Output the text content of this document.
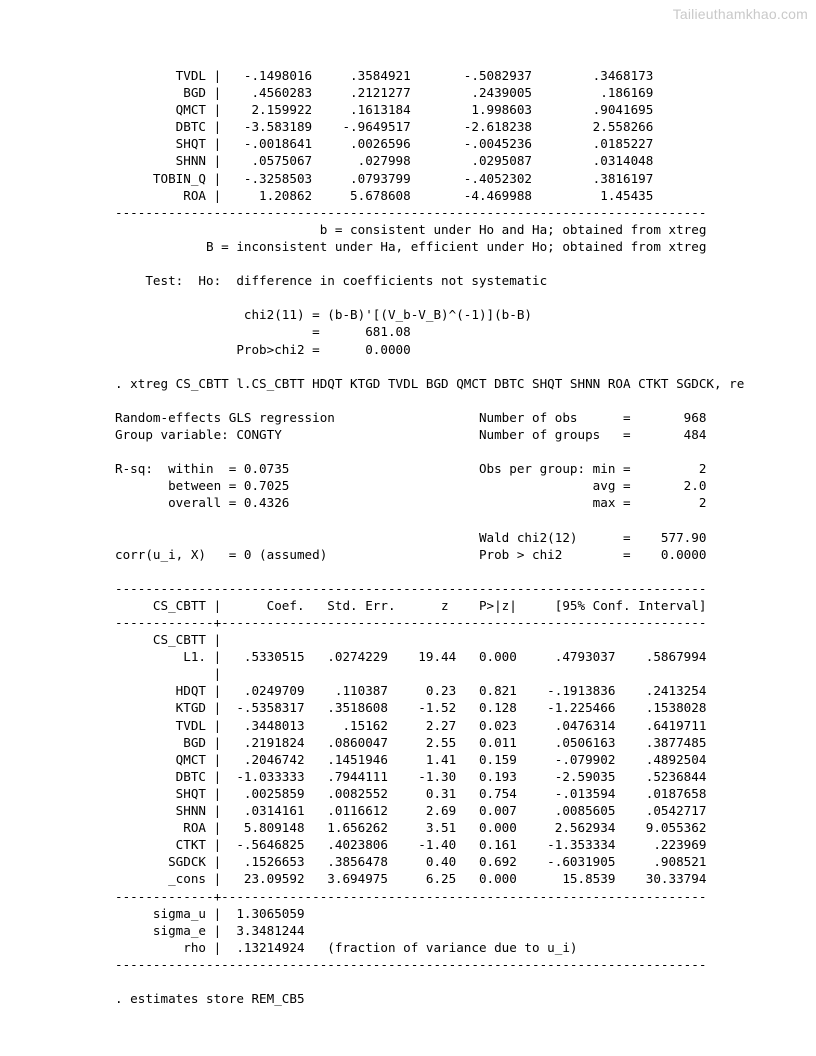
Tailieuthamkhao.com
TVDL |   -.1498016     .3584921       -.5082937        .3468173
BGD |    .4560283     .2121277        .2439005         .186169
QMCT |    2.159922     .1613184        1.998603        .9041695
DBTC |   -3.583189    -.9649517       -2.618238        2.558266
SHQT |   -.0018641     .0026596       -.0045236        .0185227
SHNN |    .0575067      .027998        .0295087        .0314048
TOBIN_Q |   -.3258503     .0793799       -.4052302        .3816197
ROA |     1.20862     5.678608       -4.469988         1.45435
------------------------------------------------------------------------------
b = consistent under Ho and Ha; obtained from xtreg
B = inconsistent under Ha, efficient under Ho; obtained from xtreg
Test:  Ho:  difference in coefficients not systematic
chi2(11) = (b-B)'[(V_b-V_B)^(-1)](b-B)
=      681.08
Prob>chi2 =      0.0000
. xtreg CS_CBTT l.CS_CBTT HDQT KTGD TVDL BGD QMCT DBTC SHQT SHNN ROA CTKT SGDCK, re
Random-effects GLS regression                   Number of obs      =       968
Group variable: CONGTY                          Number of groups   =       484
R-sq:  within  = 0.0735                         Obs per group: min =         2
between = 0.7025                                        avg =       2.0
overall = 0.4326                                        max =         2
Wald chi2(12)      =    577.90
corr(u_i, X)   = 0 (assumed)                    Prob > chi2        =    0.0000
------------------------------------------------------------------------------
CS_CBTT |      Coef.   Std. Err.      z    P>|z|     [95% Conf. Interval]
-------------+----------------------------------------------------------------
CS_CBTT |
L1. |   .5330515   .0274229    19.44   0.000     .4793037    .5867994
|
HDQT |   .0249709    .110387     0.23   0.821    -.1913836    .2413254
KTGD |  -.5358317   .3518608    -1.52   0.128    -1.225466    .1538028
TVDL |   .3448013     .15162     2.27   0.023     .0476314    .6419711
BGD |   .2191824   .0860047     2.55   0.011     .0506163    .3877485
QMCT |   .2046742   .1451946     1.41   0.159     -.079902    .4892504
DBTC |  -1.033333   .7944111    -1.30   0.193     -2.59035    .5236844
SHQT |   .0025859   .0082552     0.31   0.754     -.013594    .0187658
SHNN |   .0314161   .0116612     2.69   0.007     .0085605    .0542717
ROA |   5.809148   1.656262     3.51   0.000     2.562934    9.055362
CTKT |  -.5646825   .4023806    -1.40   0.161    -1.353334     .223969
SGDCK |   .1526653   .3856478     0.40   0.692    -.6031905     .908521
_cons |   23.09592   3.694975     6.25   0.000      15.8539    30.33794
-------------+----------------------------------------------------------------
sigma_u |  1.3065059
sigma_e |  3.3481244
rho |  .13214924   (fraction of variance due to u_i)
------------------------------------------------------------------------------
. estimates store REM_CB5
